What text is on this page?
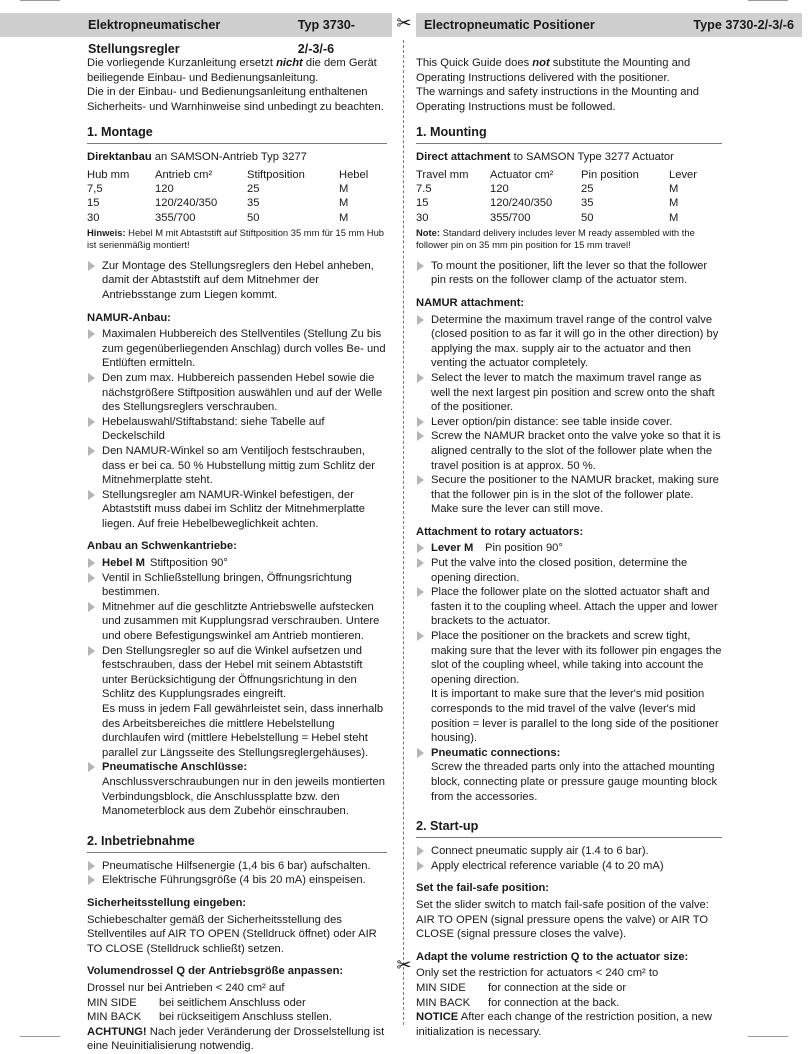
Elektropneumatischer Stellungsregler
Typ 3730-2/-3/-6
Electropneumatic Positioner	Type 3730-2/-3/-6
✂
✂

Die vorliegende Kurzanleitung ersetzt nicht die dem Gerät beiliegende Einbau- und Bedienungsanleitung.

Die in der Einbau- und Bedienungsanleitung enthaltenen Sicherheits- und Warnhinweise sind unbedingt zu beachten.

1. Montage

Direktanbau an SAMSON-Antrieb Typ 3277

Hub mm	Antrieb cm²	Stiftposition	Hebel
7,5	120	25	M
15	120/240/350	35	M
30	355/700	50	M

Hinweis: Hebel M mit Abtaststift auf Stiftposition 35 mm für 15 mm Hub ist serienmäßig montiert!

Zur Montage des Stellungsreglers den Hebel anheben, damit der Abtaststift auf dem Mitnehmer der Antriebsstange zum Liegen kommt.
NAMUR-Anbau:
Maximalen Hubbereich des Stellventiles (Stellung Zu bis zum gegenüberliegenden Anschlag) durch volles Be- und Entlüften ermitteln.
Den zum max. Hubbereich passenden Hebel sowie die nächstgrößere Stiftposition auswählen und auf der Welle des Stellungsreglers verschrauben.
Hebelauswahl/Stiftabstand: siehe Tabelle auf Deckelschild
Den NAMUR-Winkel so am Ventiljoch festschrauben, dass er bei ca. 50 % Hubstellung mittig zum Schlitz der Mitnehmerplatte steht.
Stellungsregler am NAMUR-Winkel befestigen, der Abtaststift muss dabei im Schlitz der Mitnehmerplatte liegen. Auf freie Hebelbeweglichkeit achten.
Anbau an Schwenkantriebe:
Hebel M Stiftposition 90°
Ventil in Schließstellung bringen, Öffnungsrichtung bestimmen.
Mitnehmer auf die geschlitzte Antriebswelle aufstecken und zusammen mit Kupplungsrad verschrauben. Untere und obere Befestigungswinkel am Antrieb montieren.
Den Stellungsregler so auf die Winkel aufsetzen und festschrauben, dass der Hebel mit seinem Abtaststift unter Berücksichtigung der Öffnungsrichtung in den Schlitz des Kupplungsrades eingreift.
Es muss in jedem Fall gewährleistet sein, dass innerhalb des Arbeitsbereiches die mittlere Hebelstellung durchlaufen wird (mittlere Hebelstellung = Hebel steht parallel zur Längsseite des Stellungsreglergehäuses).
Pneumatische Anschlüsse:
Anschlussverschraubungen nur in den jeweils montierten Verbindungsblock, die Anschlussplatte bzw. den Manometerblock aus dem Zubehör einschrauben.
2. Inbetriebnahme
Pneumatische Hilfsenergie (1,4 bis 6 bar) aufschalten.
Elektrische Führungsgröße (4 bis 20 mA) einspeisen.
Sicherheitsstellung eingeben:

Schiebeschalter gemäß der Sicherheitsstellung des Stellventiles auf AIR TO OPEN (Stelldruck öffnet) oder AIR TO CLOSE (Stelldruck schließt) setzen.

Volumendrossel Q der Antriebsgröße anpassen:

Drossel nur bei Antrieben < 240 cm² auf

MIN SIDE	bei seitlichem Anschluss oder
MIN BACK	bei rückseitigem Anschluss stellen.

ACHTUNG! Nach jeder Veränderung der Drosselstellung ist eine Neuinitialisierung notwendig.

This Quick Guide does not substitute the Mounting and Operating Instructions delivered with the positioner.

The warnings and safety instructions in the Mounting and Operating Instructions must be followed.

1. Mounting

Direct attachment to SAMSON Type 3277 Actuator

Travel mm	Actuator cm²	Pin position	Lever
7.5	120	25	M
15	120/240/350	35	M
30	355/700	50	M

Note: Standard delivery includes lever M ready assembled with the follower pin on 35 mm pin position for 15 mm travel!

To mount the positioner, lift the lever so that the follower pin rests on the follower clamp of the actuator stem.
NAMUR attachment:
Determine the maximum travel range of the control valve (closed position to as far it will go in the other direction) by applying the max. supply air to the actuator and then venting the actuator completely.
Select the lever to match the maximum travel range as well the next largest pin position and screw onto the shaft of the positioner.
Lever option/pin distance: see table inside cover.
Screw the NAMUR bracket onto the valve yoke so that it is aligned centrally to the slot of the follower plate when the travel position is at approx. 50 %.
Secure the positioner to the NAMUR bracket, making sure that the follower pin is in the slot of the follower plate. Make sure the lever can still move.
Attachment to rotary actuators:
Lever M Pin position 90°
Put the valve into the closed position, determine the opening direction.
Place the follower plate on the slotted actuator shaft and fasten it to the coupling wheel. Attach the upper and lower brackets to the actuator.
Place the positioner on the brackets and screw tight, making sure that the lever with its follower pin engages the slot of the coupling wheel, while taking into account the opening direction.
It is important to make sure that the lever's mid position corresponds to the mid travel of the valve (lever's mid position = lever is parallel to the long side of the positioner housing).
Pneumatic connections:
Screw the threaded parts only into the attached mounting block, connecting plate or pressure gauge mounting block from the accessories.
2. Start-up
Connect pneumatic supply air (1.4 to 6 bar).
Apply electrical reference variable (4 to 20 mA)
Set the fail-safe position:

Set the slider switch to match fail-safe position of the valve: AIR TO OPEN (signal pressure opens the valve) or AIR TO CLOSE (signal pressure closes the valve).

Adapt the volume restriction Q to the actuator size:

Only set the restriction for actuators < 240 cm² to

MIN SIDE	for connection at the side or
MIN BACK	for connection at the back.

NOTICE After each change of the restriction position, a new initialization is necessary.
